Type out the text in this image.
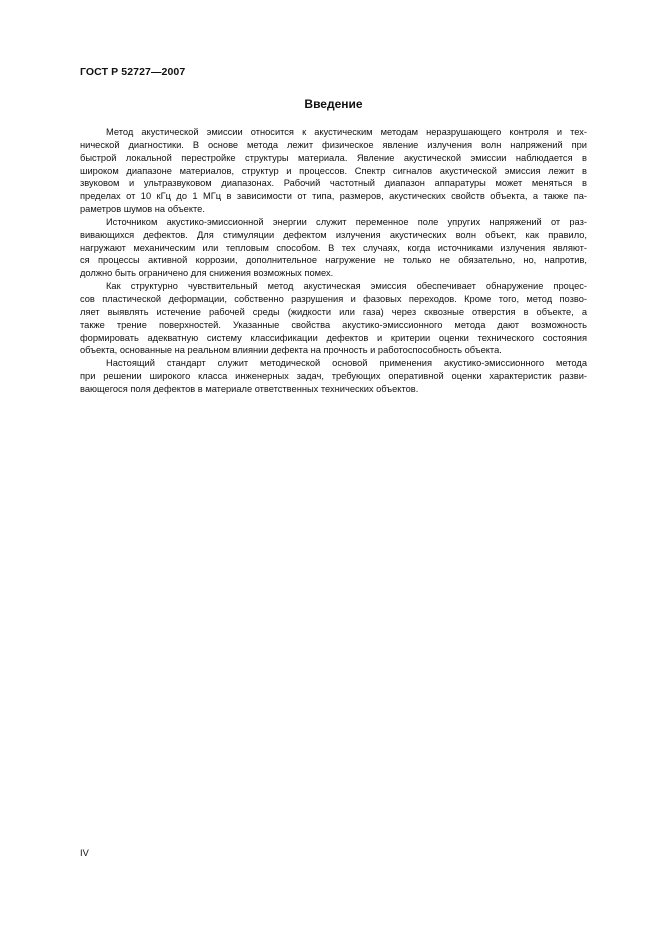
ГОСТ Р 52727—2007
Введение
Метод акустической эмиссии относится к акустическим методам неразрушающего контроля и тех-
нической диагностики. В основе метода лежит физическое явление излучения волн напряжений при
быстрой локальной перестройке структуры материала. Явление акустической эмиссии наблюдается в
широком диапазоне материалов, структур и процессов. Спектр сигналов акустической эмиссия лежит в
звуковом и ультразвуковом диапазонах. Рабочий частотный диапазон аппаратуры может меняться в
пределах от 10 кГц до 1 МГц в зависимости от типа, размеров, акустических свойств объекта, а также па-
раметров шумов на объекте.
Источником акустико-эмиссионной энергии служит переменное поле упругих напряжений от раз-
вивающихся дефектов. Для стимуляции дефектом излучения акустических волн объект, как правило,
нагружают механическим или тепловым способом. В тех случаях, когда источниками излучения являют-
ся процессы активной коррозии, дополнительное нагружение не только не обязательно, но, напротив,
должно быть ограничено для снижения возможных помех.
Как структурно чувствительный метод акустическая эмиссия обеспечивает обнаружение процес-
сов пластической деформации, собственно разрушения и фазовых переходов. Кроме того, метод позво-
ляет выявлять истечение рабочей среды (жидкости или газа) через сквозные отверстия в объекте, а
также трение поверхностей. Указанные свойства акустико-эмиссионного метода дают возможность
формировать адекватную систему классификации дефектов и критерии оценки технического состояния
объекта, основанные на реальном влиянии дефекта на прочность и работоспособность объекта.
Настоящий стандарт служит методической основой применения акустико-эмиссионного метода
при решении широкого класса инженерных задач, требующих оперативной оценки характеристик разви-
вающегося поля дефектов в материале ответственных технических объектов.
IV
